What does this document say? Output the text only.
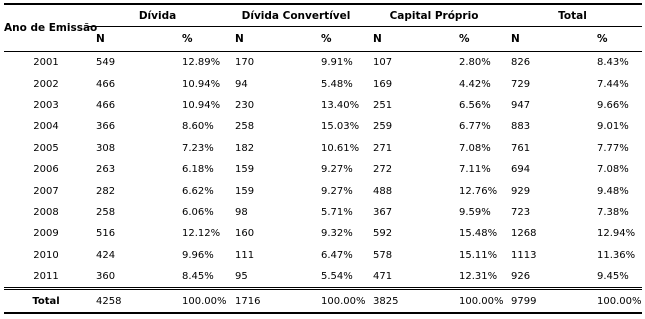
Ano de Emissão	Dívida		Dívida Convertível		Capital Próprio		Total	
	N	%	N	%	N	%	N	%
2001	549	12.89%	170	9.91%	107	2.80%	826	8.43%
2002	466	10.94%	94	5.48%	169	4.42%	729	7.44%
2003	466	10.94%	230	13.40%	251	6.56%	947	9.66%
2004	366	8.60%	258	15.03%	259	6.77%	883	9.01%
2005	308	7.23%	182	10.61%	271	7.08%	761	7.77%
2006	263	6.18%	159	9.27%	272	7.11%	694	7.08%
2007	282	6.62%	159	9.27%	488	12.76%	929	9.48%
2008	258	6.06%	98	5.71%	367	9.59%	723	7.38%
2009	516	12.12%	160	9.32%	592	15.48%	1268	12.94%
2010	424	9.96%	111	6.47%	578	15.11%	1113	11.36%
2011	360	8.45%	95	5.54%	471	12.31%	926	9.45%
Total	4258	100.00%	1716	100.00%	3825	100.00%	9799	100.00%
